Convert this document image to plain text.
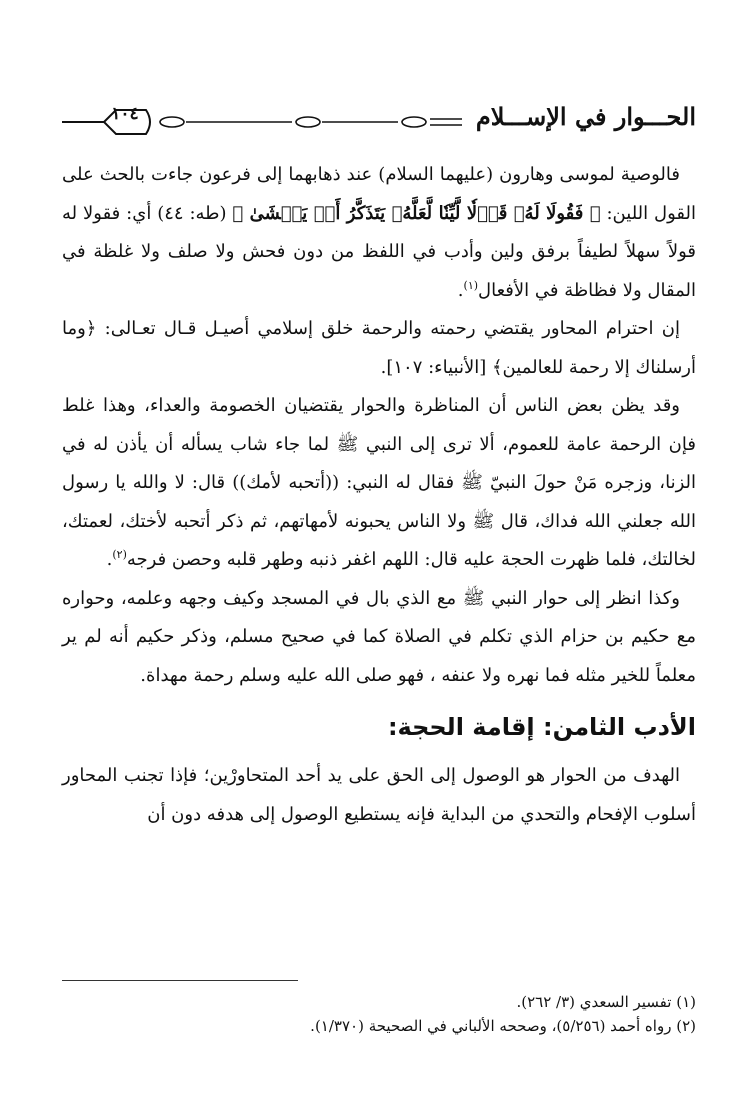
١٠٤	الحـــوار في الإســـلام

فالوصية لموسى وهارون (عليهما السلام) عند ذهابهما إلى فرعون جاءت بالحث على القول اللين: ﴿ فَقُولَا لَهُۥ قَوۡلٗا لَّيِّنٗا لَّعَلَّهُۥ يَتَذَكَّرُ أَوۡ يَخۡشَىٰ ﴾ (طه: ٤٤) أي: فقولا له قولاً سهلاً لطيفاً برفق ولين وأدب في اللفظ من دون فحش ولا صلف ولا غلظة في المقال ولا فظاظة في الأفعال$^{(١)}$.

إن احترام المحاور يقتضي رحمته والرحمة خلق إسلامي أصيـل قـال تعـالى: ﴿وما أرسلناك إلا رحمة للعالمين﴾ [الأنبياء: ١٠٧].

وقد يظن بعض الناس أن المناظرة والحوار يقتضيان الخصومة والعداء، وهذا غلط فإن الرحمة عامة للعموم، ألا ترى إلى النبي ﷺ لما جاء شاب يسأله أن يأذن له في الزنا، وزجره مَنْ حولَ النبيّ ﷺ فقال له النبي: ((أتحبه لأمك)) قال: لا والله يا رسول الله جعلني الله فداك، قال ﷺ ولا الناس يحبونه لأمهاتهم، ثم ذكر أتحبه لأختك، لعمتك، لخالتك، فلما ظهرت الحجة عليه قال: اللهم اغفر ذنبه وطهر قلبه وحصن فرجه$^{(٢)}$.

وكذا انظر إلى حوار النبي ﷺ مع الذي بال في المسجد وكيف وجهه وعلمه، وحواره مع حكيم بن حزام الذي تكلم في الصلاة كما في صحيح مسلم، وذكر حكيم أنه لم ير معلماً للخير مثله فما نهره ولا عنفه ، فهو صلى الله عليه وسلم رحمة مهداة.

الأدب الثامن: إقامة الحجة:

الهدف من الحوار هو الوصول إلى الحق على يد أحد المتحاورْين؛ فإذا تجنب المحاور أسلوب الإفحام والتحدي من البداية فإنه يستطيع الوصول إلى هدفه دون أن

(١) تفسير السعدي (٣/ ٢٦٢).

(٢) رواه أحمد (٥/٢٥٦)، وصححه الألباني في الصحيحة (١/٣٧٠).
